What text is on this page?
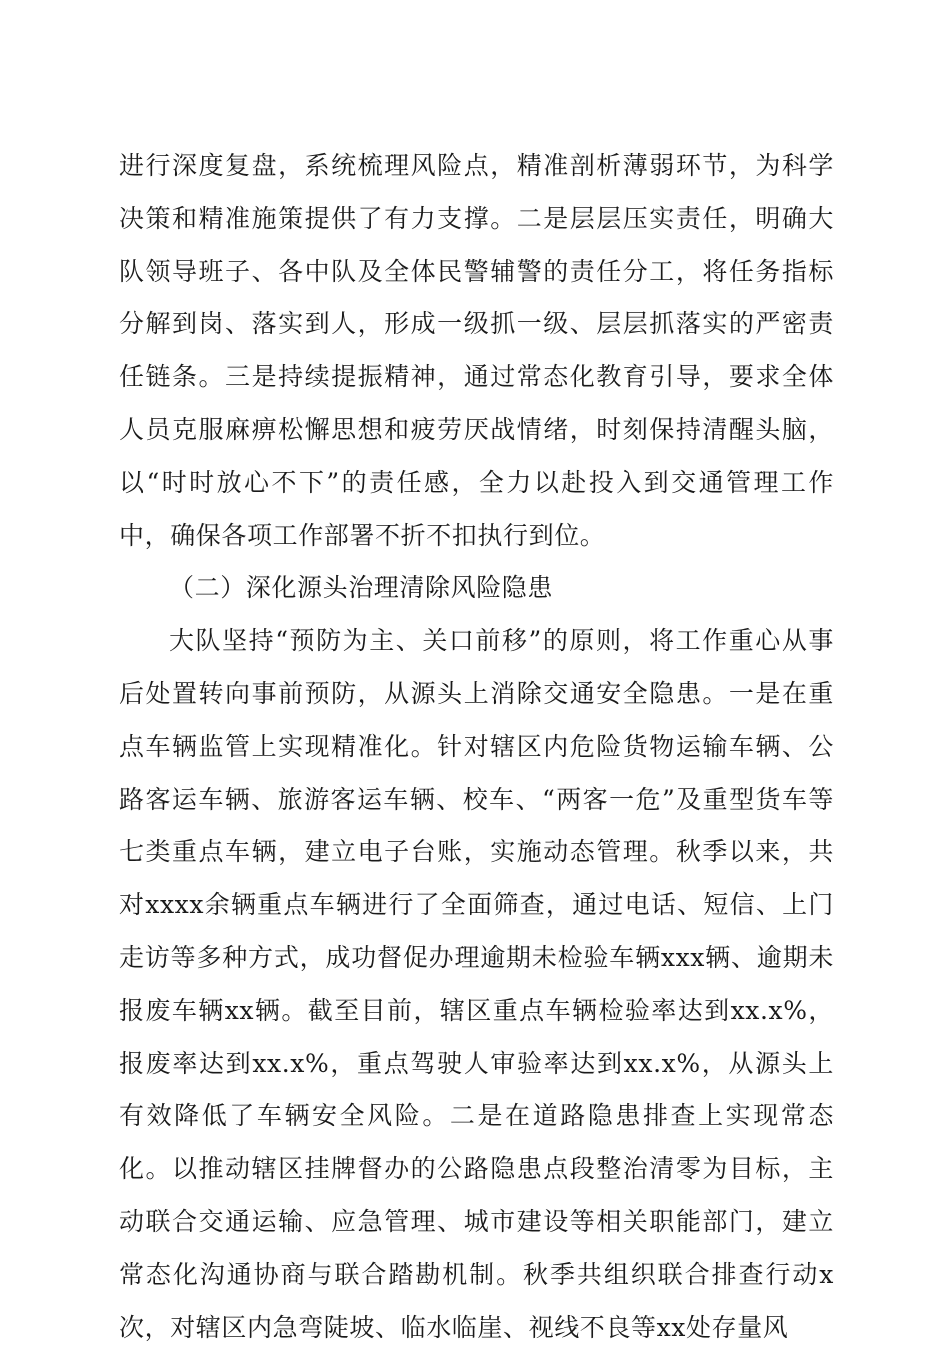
进行深度复盘，系统梳理风险点，精准剖析薄弱环节，为科学决策和精准施策提供了有力支撑。二是层层压实责任，明确大队领导班子、各中队及全体民警辅警的责任分工，将任务指标分解到岗、落实到人，形成一级抓一级、层层抓落实的严密责任链条。三是持续提振精神，通过常态化教育引导，要求全体人员克服麻痹松懈思想和疲劳厌战情绪，时刻保持清醒头脑，以“时时放心不下”的责任感，全力以赴投入到交通管理工作中，确保各项工作部署不折不扣执行到位。

（二）深化源头治理清除风险隐患

大队坚持“预防为主、关口前移”的原则，将工作重心从事后处置转向事前预防，从源头上消除交通安全隐患。一是在重点车辆监管上实现精准化。针对辖区内危险货物运输车辆、公路客运车辆、旅游客运车辆、校车、“两客一危”及重型货车等七类重点车辆，建立电子台账，实施动态管理。秋季以来，共对xxxx余辆重点车辆进行了全面筛查，通过电话、短信、上门走访等多种方式，成功督促办理逾期未检验车辆xxx辆、逾期未报废车辆xx辆。截至目前，辖区重点车辆检验率达到xx.x%，报废率达到xx.x%，重点驾驶人审验率达到xx.x%，从源头上有效降低了车辆安全风险。二是在道路隐患排查上实现常态化。以推动辖区挂牌督办的公路隐患点段整治清零为目标，主动联合交通运输、应急管理、城市建设等相关职能部门，建立常态化沟通协商与联合踏勘机制。秋季共组织联合排查行动x次，对辖区内急弯陡坡、临水临崖、视线不良等xx处存量风
